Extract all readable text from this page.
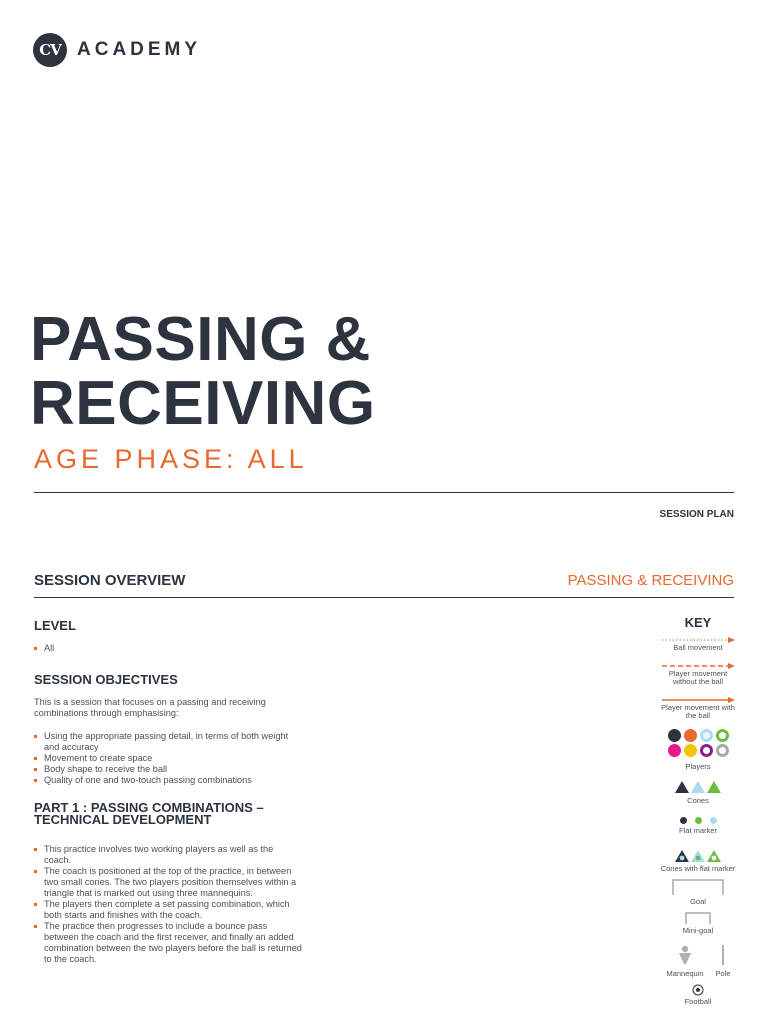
CV ACADEMY
PASSING &
RECEIVING
AGE PHASE: ALL
SESSION PLAN
SESSION OVERVIEW	PASSING & RECEIVING
LEVEL
All
SESSION OBJECTIVES

This is a session that focuses on a passing and receiving combinations through emphasising:

Using the appropriate passing detail, in terms of both weight and accuracy
Movement to create space
Body shape to receive the ball
Quality of one and two-touch passing combinations
PART 1 : PASSING COMBINATIONS –
TECHNICAL DEVELOPMENT
This practice involves two working players as well as the coach.
The coach is positioned at the top of the practice, in between two small cones. The two players position themselves within a triangle that is marked out using three mannequins.
The players then complete a set passing combination, which both starts and finishes with the coach.
The practice then progresses to include a bounce pass between the coach and the first receiver, and finally an added combination between the two players before the ball is returned to the coach.
KEY
Ball movement
Player movement without the ball
Player movement with the ball
Players
Cones
Flat marker
Cones with flat marker
Goal
Mini-goal
Mannequin	Pole
Football
